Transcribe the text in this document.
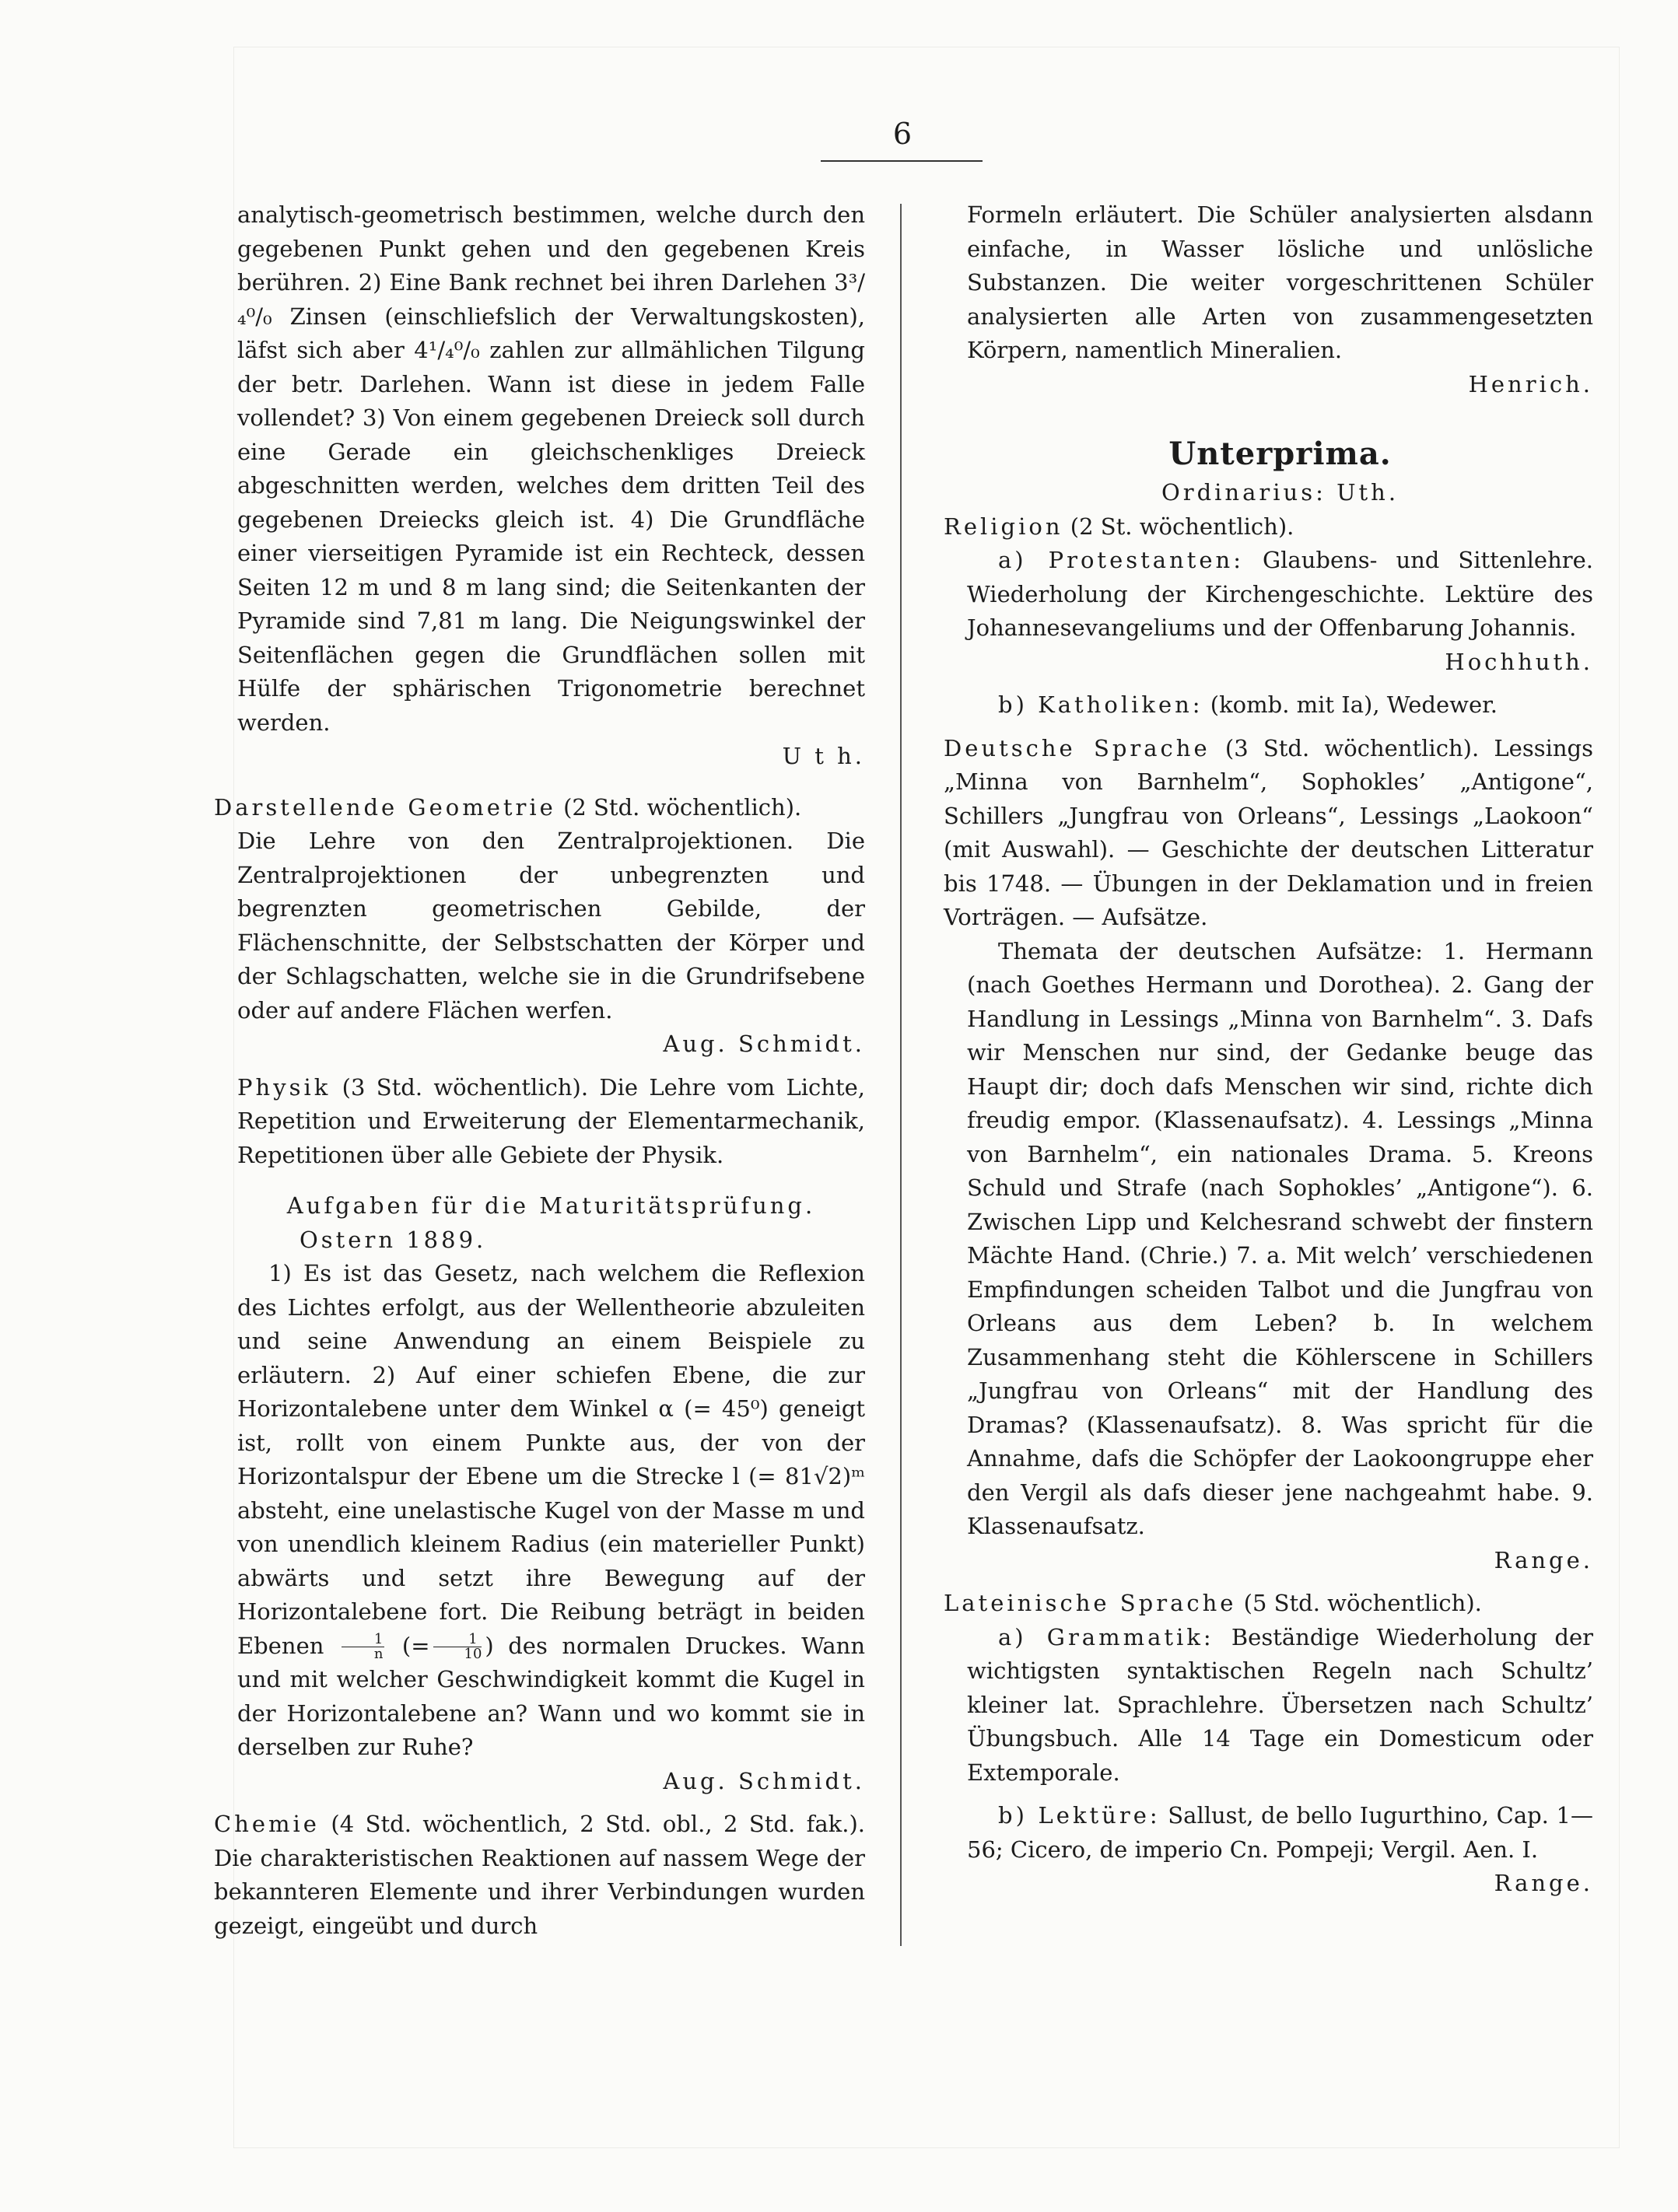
6

analytisch-geometrisch bestimmen, welche durch den gegebenen Punkt gehen und den gegebenen Kreis berühren. 2) Eine Bank rechnet bei ihren Darlehen 3³/₄⁰/₀ Zinsen (einschliefslich der Verwaltungskosten), läfst sich aber 4¹/₄⁰/₀ zahlen zur allmählichen Tilgung der betr. Darlehen. Wann ist diese in jedem Falle vollendet? 3) Von einem gegebenen Dreieck soll durch eine Gerade ein gleichschenkliges Dreieck abgeschnitten werden, welches dem dritten Teil des gegebenen Dreiecks gleich ist. 4) Die Grundfläche einer vierseitigen Pyramide ist ein Rechteck, dessen Seiten 12 m und 8 m lang sind; die Seitenkanten der Pyramide sind 7,81 m lang. Die Neigungswinkel der Seitenflächen gegen die Grundflächen sollen mit Hülfe der sphärischen Trigonometrie berechnet werden.

U t h.

Darstellende Geometrie (2 Std. wöchentlich).

Die Lehre von den Zentralprojektionen. Die Zentralprojektionen der unbegrenzten und begrenzten geometrischen Gebilde, der Flächenschnitte, der Selbstschatten der Körper und der Schlagschatten, welche sie in die Grundrifsebene oder auf andere Flächen werfen.

Aug. Schmidt.

Physik (3 Std. wöchentlich). Die Lehre vom Lichte, Repetition und Erweiterung der Elementarmechanik, Repetitionen über alle Gebiete der Physik.

Aufgaben für die Maturitätsprüfung.

Ostern 1889.

1) Es ist das Gesetz, nach welchem die Reflexion des Lichtes erfolgt, aus der Wellentheorie abzuleiten und seine Anwendung an einem Beispiele zu erläutern. 2) Auf einer schiefen Ebene, die zur Horizontalebene unter dem Winkel α (= 45⁰) geneigt ist, rollt von einem Punkte aus, der von der Horizontalspur der Ebene um die Strecke l (= 81√2)ᵐ absteht, eine unelastische Kugel von der Masse m und von unendlich kleinem Radius (ein materieller Punkt) abwärts und setzt ihre Bewegung auf der Horizontalebene fort. Die Reibung beträgt in beiden Ebenen $\frac{1}{n}$ (= $\frac{1}{10}$ ) des normalen Druckes. Wann und mit welcher Geschwindigkeit kommt die Kugel in der Horizontalebene an? Wann und wo kommt sie in derselben zur Ruhe?

Aug. Schmidt.

Chemie (4 Std. wöchentlich, 2 Std. obl., 2 Std. fak.). Die charakteristischen Reaktionen auf nassem Wege der bekannteren Elemente und ihrer Verbindungen wurden gezeigt, eingeübt und durch

Formeln erläutert. Die Schüler analysierten alsdann einfache, in Wasser lösliche und unlösliche Substanzen. Die weiter vorgeschrittenen Schüler analysierten alle Arten von zusammengesetzten Körpern, namentlich Mineralien.

Henrich.

Unterprima.

Ordinarius: Uth.

Religion (2 St. wöchentlich).

a) Protestanten: Glaubens- und Sittenlehre. Wiederholung der Kirchengeschichte. Lektüre des Johannesevangeliums und der Offenbarung Johannis.

Hochhuth.

b) Katholiken: (komb. mit Ia), Wedewer.

Deutsche Sprache (3 Std. wöchentlich). Lessings „Minna von Barnhelm“, Sophokles’ „Antigone“, Schillers „Jungfrau von Orleans“, Lessings „Laokoon“ (mit Auswahl). — Geschichte der deutschen Litteratur bis 1748. — Übungen in der Deklamation und in freien Vorträgen. — Aufsätze.

Themata der deutschen Aufsätze: 1. Hermann (nach Goethes Hermann und Dorothea). 2. Gang der Handlung in Lessings „Minna von Barnhelm“. 3. Dafs wir Menschen nur sind, der Gedanke beuge das Haupt dir; doch dafs Menschen wir sind, richte dich freudig empor. (Klassenaufsatz). 4. Lessings „Minna von Barnhelm“, ein nationales Drama. 5. Kreons Schuld und Strafe (nach Sophokles’ „Antigone“). 6. Zwischen Lipp und Kelchesrand schwebt der finstern Mächte Hand. (Chrie.) 7. a. Mit welch’ verschiedenen Empfindungen scheiden Talbot und die Jungfrau von Orleans aus dem Leben? b. In welchem Zusammenhang steht die Köhlerscene in Schillers „Jungfrau von Orleans“ mit der Handlung des Dramas? (Klassenaufsatz). 8. Was spricht für die Annahme, dafs die Schöpfer der Laokoongruppe eher den Vergil als dafs dieser jene nachgeahmt habe. 9. Klassenaufsatz.

Range.

Lateinische Sprache (5 Std. wöchentlich).

a) Grammatik: Beständige Wiederholung der wichtigsten syntaktischen Regeln nach Schultz’ kleiner lat. Sprachlehre. Übersetzen nach Schultz’ Übungsbuch. Alle 14 Tage ein Domesticum oder Extemporale.

b) Lektüre: Sallust, de bello Iugurthino, Cap. 1—56; Cicero, de imperio Cn. Pompeji; Vergil. Aen. I.

Range.
